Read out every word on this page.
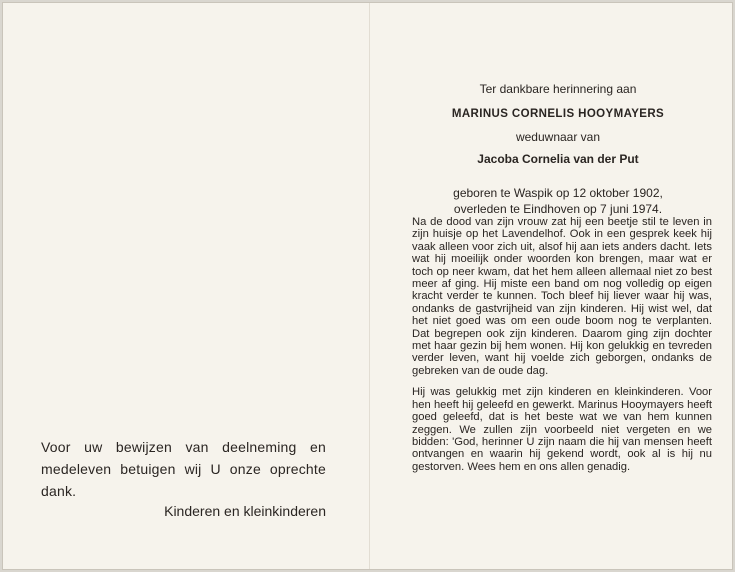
Voor uw bewijzen van deelneming en medeleven betuigen wij U onze oprechte dank.
Kinderen en kleinkinderen
Ter dankbare herinnering aan
MARINUS CORNELIS HOOYMAYERS
weduwnaar van
Jacoba Cornelia van der Put
geboren te Waspik op 12 oktober 1902,
overleden te Eindhoven op 7 juni 1974.

Na de dood van zijn vrouw zat hij een beetje stil te leven in zijn huisje op het Lavendelhof. Ook in een gesprek keek hij vaak alleen voor zich uit, alsof hij aan iets anders dacht. Iets wat hij moeilijk onder woorden kon brengen, maar wat er toch op neer kwam, dat het hem alleen allemaal niet zo best meer af ging. Hij miste een band om nog volledig op eigen kracht verder te kunnen. Toch bleef hij liever waar hij was, ondanks de gastvrijheid van zijn kinderen. Hij wist wel, dat het niet goed was om een oude boom nog te verplanten. Dat begrepen ook zijn kinderen. Daarom ging zijn dochter met haar gezin bij hem wonen. Hij kon gelukkig en tevreden verder leven, want hij voelde zich geborgen, ondanks de gebreken van de oude dag.

Hij was gelukkig met zijn kinderen en kleinkinderen. Voor hen heeft hij geleefd en gewerkt. Marinus Hooymayers heeft goed geleefd, dat is het beste wat we van hem kunnen zeggen. We zullen zijn voorbeeld niet vergeten en we bidden: 'God, herinner U zijn naam die hij van mensen heeft ontvangen en waarin hij gekend wordt, ook al is hij nu gestorven. Wees hem en ons allen genadig.
